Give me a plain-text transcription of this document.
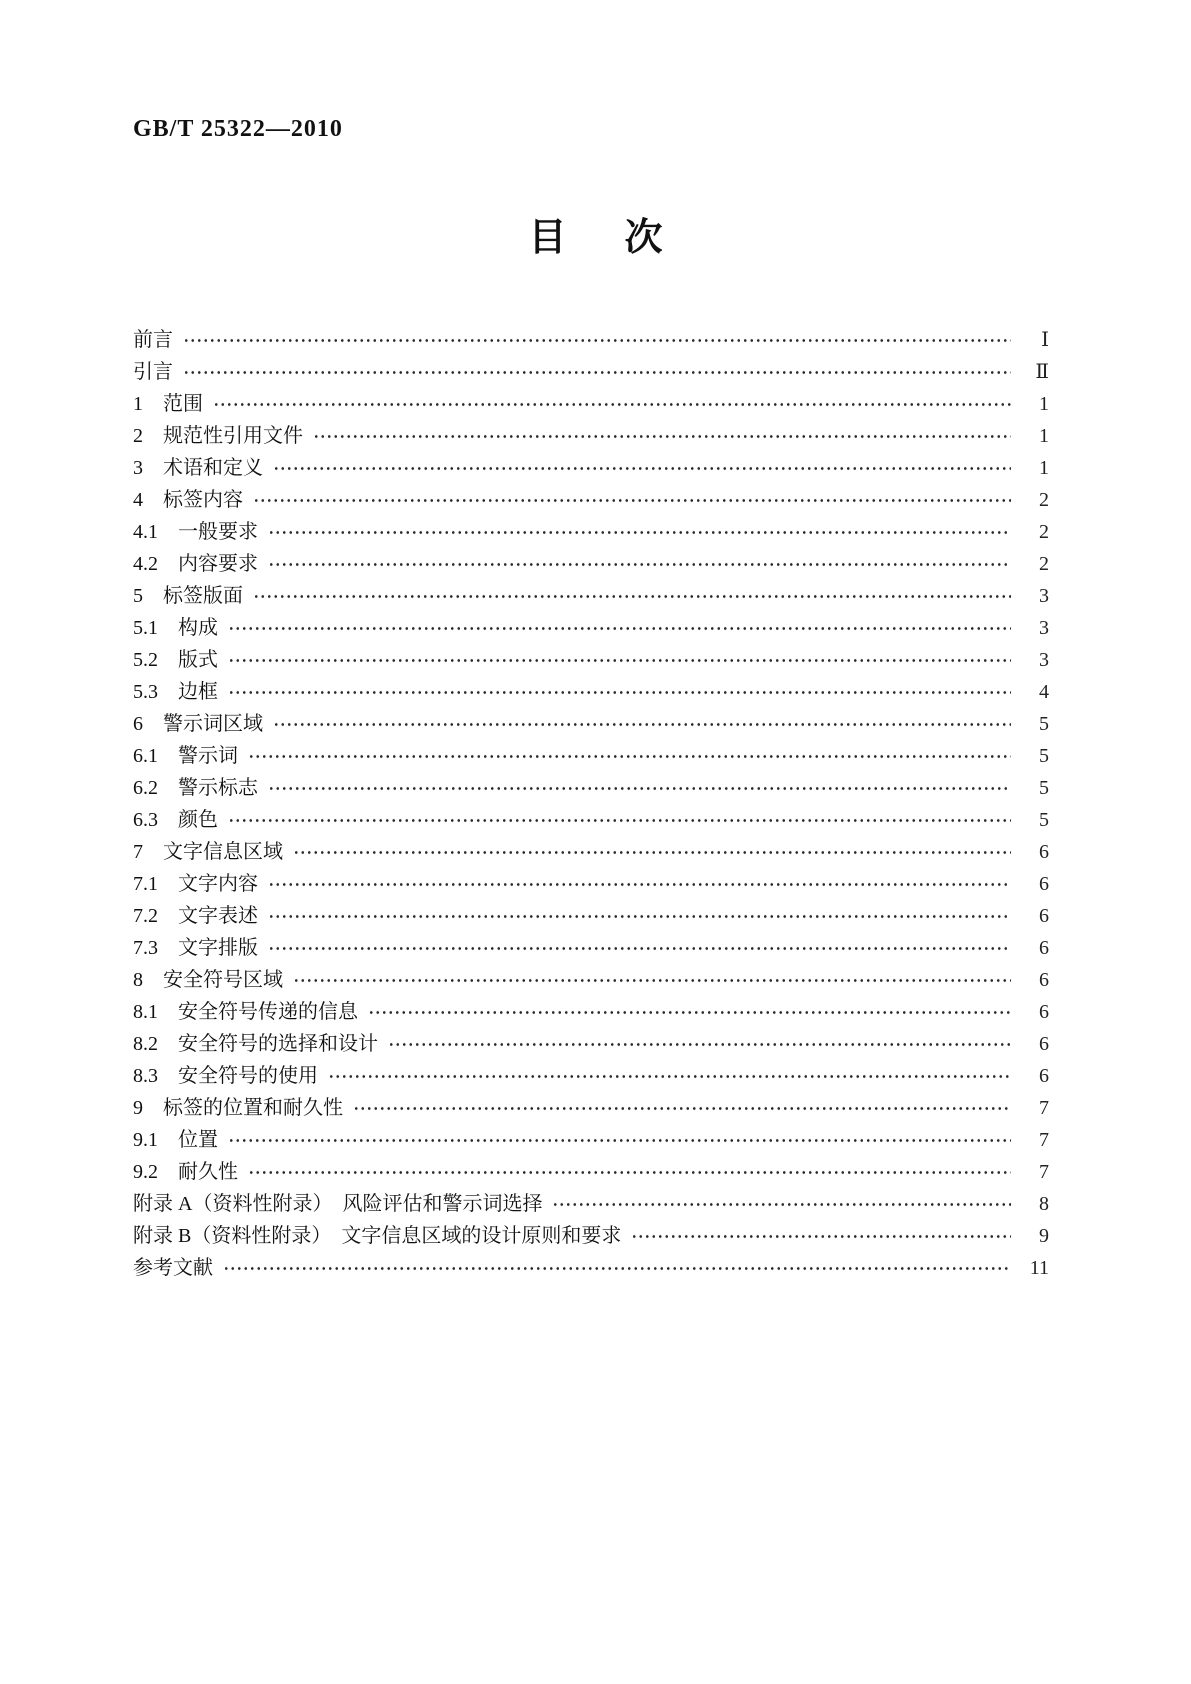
GB/T 25322—2010
目 次
前言	Ⅰ
引言	Ⅱ
1　范围	1
2　规范性引用文件	1
3　术语和定义	1
4　标签内容	2
4.1　一般要求	2
4.2　内容要求	2
5　标签版面	3
5.1　构成	3
5.2　版式	3
5.3　边框	4
6　警示词区域	5
6.1　警示词	5
6.2　警示标志	5
6.3　颜色	5
7　文字信息区域	6
7.1　文字内容	6
7.2　文字表述	6
7.3　文字排版	6
8　安全符号区域	6
8.1　安全符号传递的信息	6
8.2　安全符号的选择和设计	6
8.3　安全符号的使用	6
9　标签的位置和耐久性	7
9.1　位置	7
9.2　耐久性	7
附录 A（资料性附录）　风险评估和警示词选择	8
附录 B（资料性附录）　文字信息区域的设计原则和要求	9
参考文献	11
